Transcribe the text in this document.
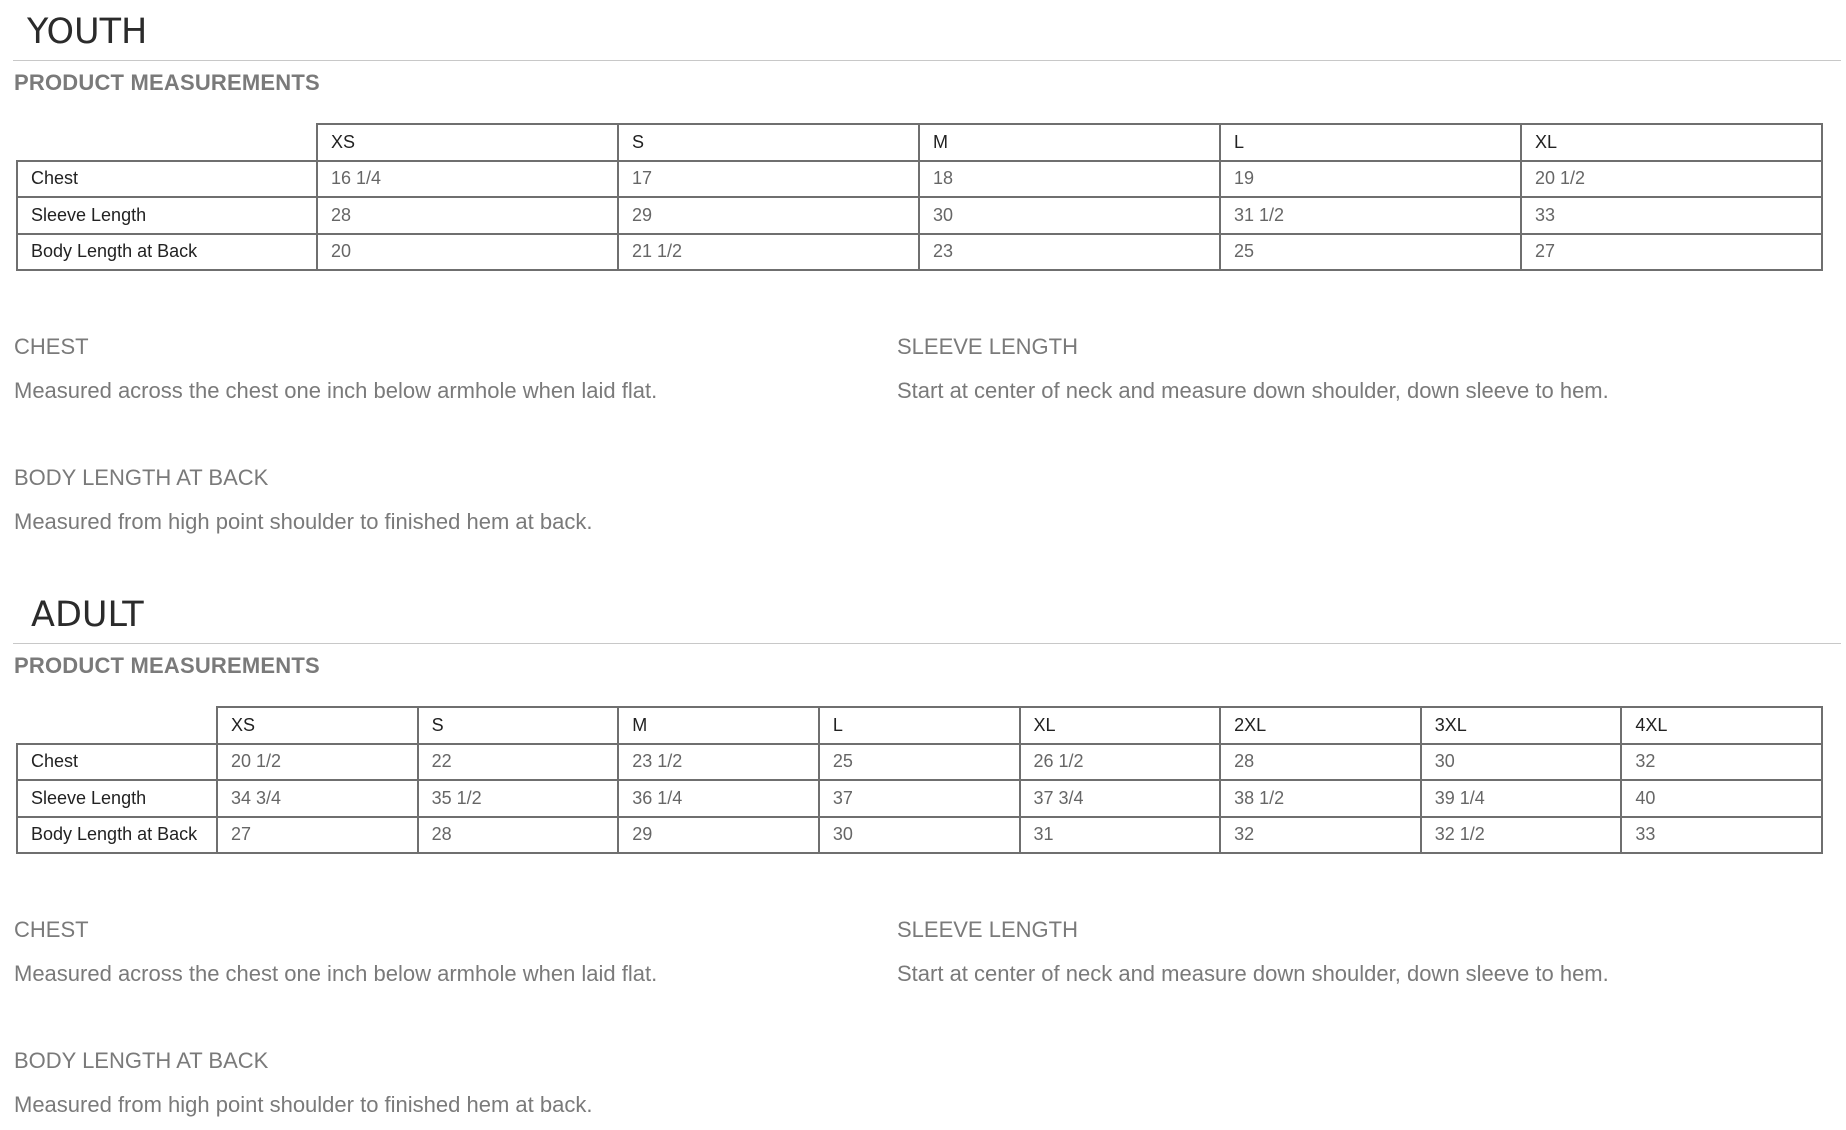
YOUTH
PRODUCT MEASUREMENTS
	XS	S	M	L	XL
Chest	16 1/4	17	18	19	20 1/2
Sleeve Length	28	29	30	31 1/2	33
Body Length at Back	20	21 1/2	23	25	27

CHEST

Measured across the chest one inch below armhole when laid flat.

SLEEVE LENGTH

Start at center of neck and measure down shoulder, down sleeve to hem.

BODY LENGTH AT BACK

Measured from high point shoulder to finished hem at back.

ADULT
PRODUCT MEASUREMENTS
	XS	S	M	L	XL	2XL	3XL	4XL
Chest	20 1/2	22	23 1/2	25	26 1/2	28	30	32
Sleeve Length	34 3/4	35 1/2	36 1/4	37	37 3/4	38 1/2	39 1/4	40
Body Length at Back	27	28	29	30	31	32	32 1/2	33

CHEST

Measured across the chest one inch below armhole when laid flat.

SLEEVE LENGTH

Start at center of neck and measure down shoulder, down sleeve to hem.

BODY LENGTH AT BACK

Measured from high point shoulder to finished hem at back.
